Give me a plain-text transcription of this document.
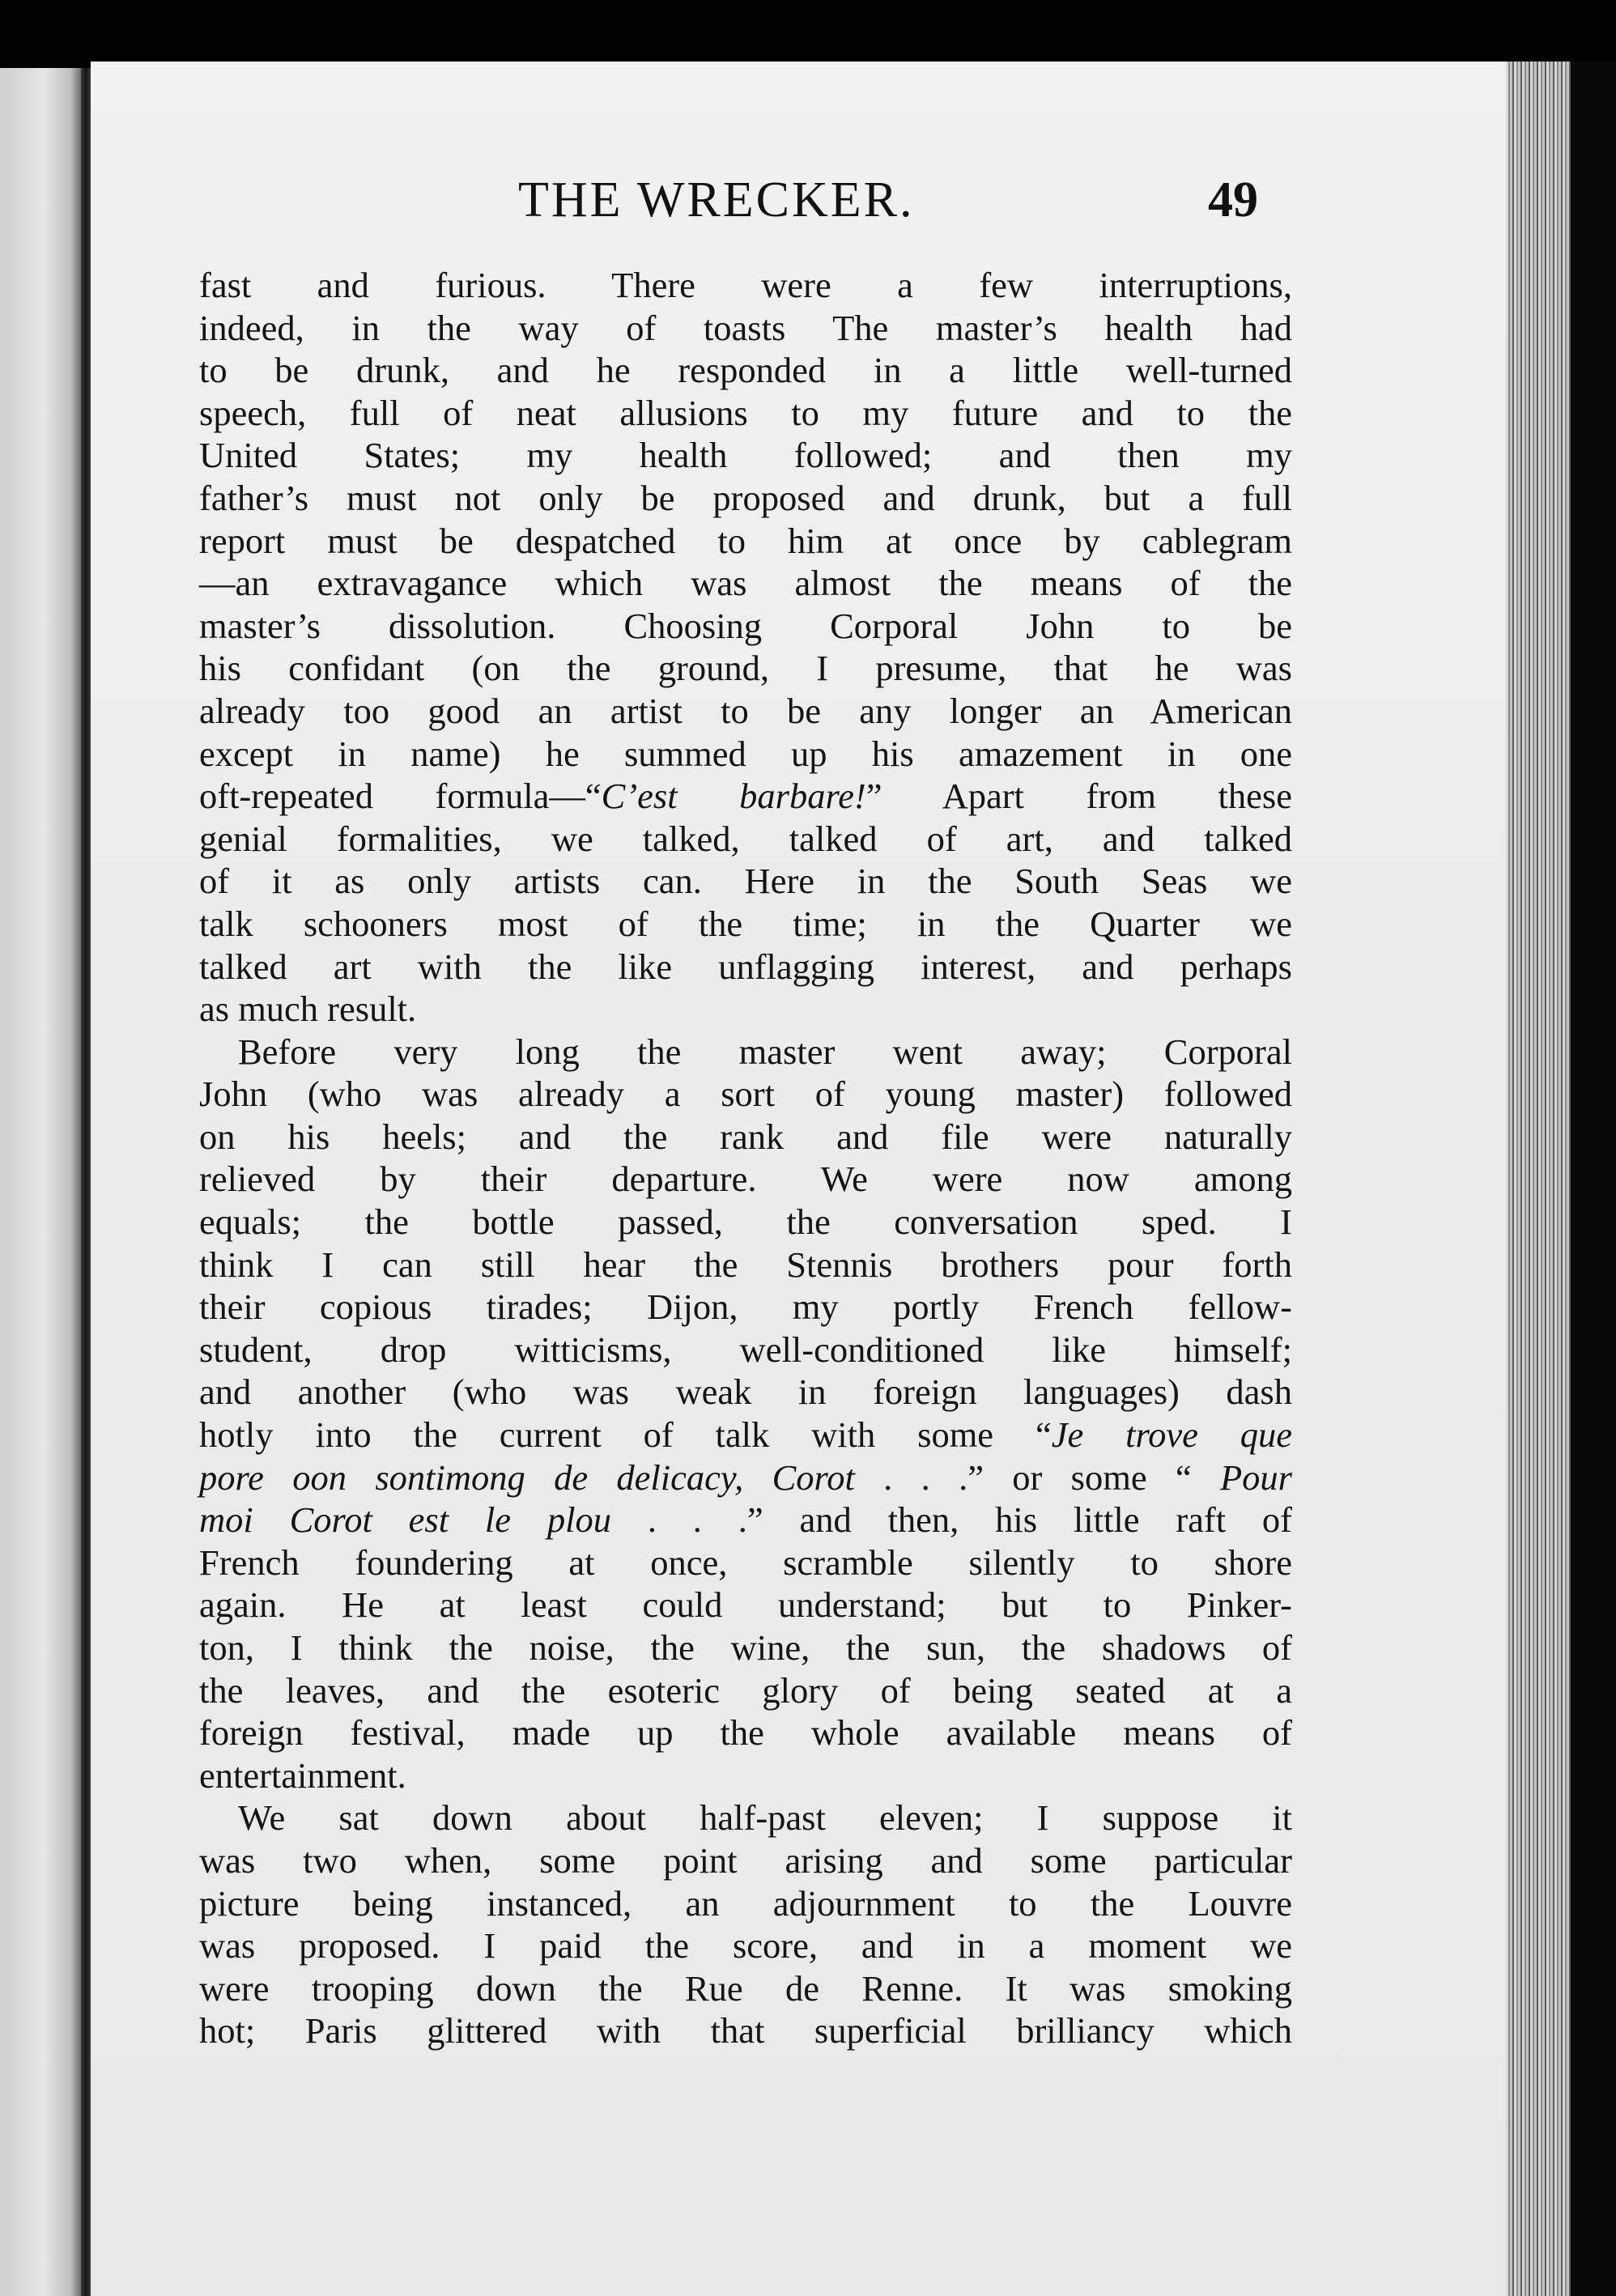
THE WRECKER.	49
fast and furious. There were a few interruptions,
indeed, in the way of toasts The master’s health had
to be drunk, and he responded in a little well-turned
speech, full of neat allusions to my future and to the
United States; my health followed; and then my
father’s must not only be proposed and drunk, but a full
report must be despatched to him at once by cablegram
—an extravagance which was almost the means of the
master’s dissolution. Choosing Corporal John to be
his confidant (on the ground, I presume, that he was
already too good an artist to be any longer an American
except in name) he summed up his amazement in one
oft-repeated formula—“C’est barbare!” Apart from these
genial formalities, we talked, talked of art, and talked
of it as only artists can. Here in the South Seas we
talk schooners most of the time; in the Quarter we
talked art with the like unflagging interest, and perhaps
as much result.
Before very long the master went away; Corporal
John (who was already a sort of young master) followed
on his heels; and the rank and file were naturally
relieved by their departure. We were now among
equals; the bottle passed, the conversation sped. I
think I can still hear the Stennis brothers pour forth
their copious tirades; Dijon, my portly French fellow-
student, drop witticisms, well-conditioned like himself;
and another (who was weak in foreign languages) dash
hotly into the current of talk with some “Je trove que
pore oon sontimong de delicacy, Corot . . .” or some “ Pour
moi Corot est le plou . . .” and then, his little raft of
French foundering at once, scramble silently to shore
again. He at least could understand; but to Pinker-
ton, I think the noise, the wine, the sun, the shadows of
the leaves, and the esoteric glory of being seated at a
foreign festival, made up the whole available means of
entertainment.
We sat down about half-past eleven; I suppose it
was two when, some point arising and some particular
picture being instanced, an adjournment to the Louvre
was proposed. I paid the score, and in a moment we
were trooping down the Rue de Renne. It was smoking
hot; Paris glittered with that superficial brilliancy which
